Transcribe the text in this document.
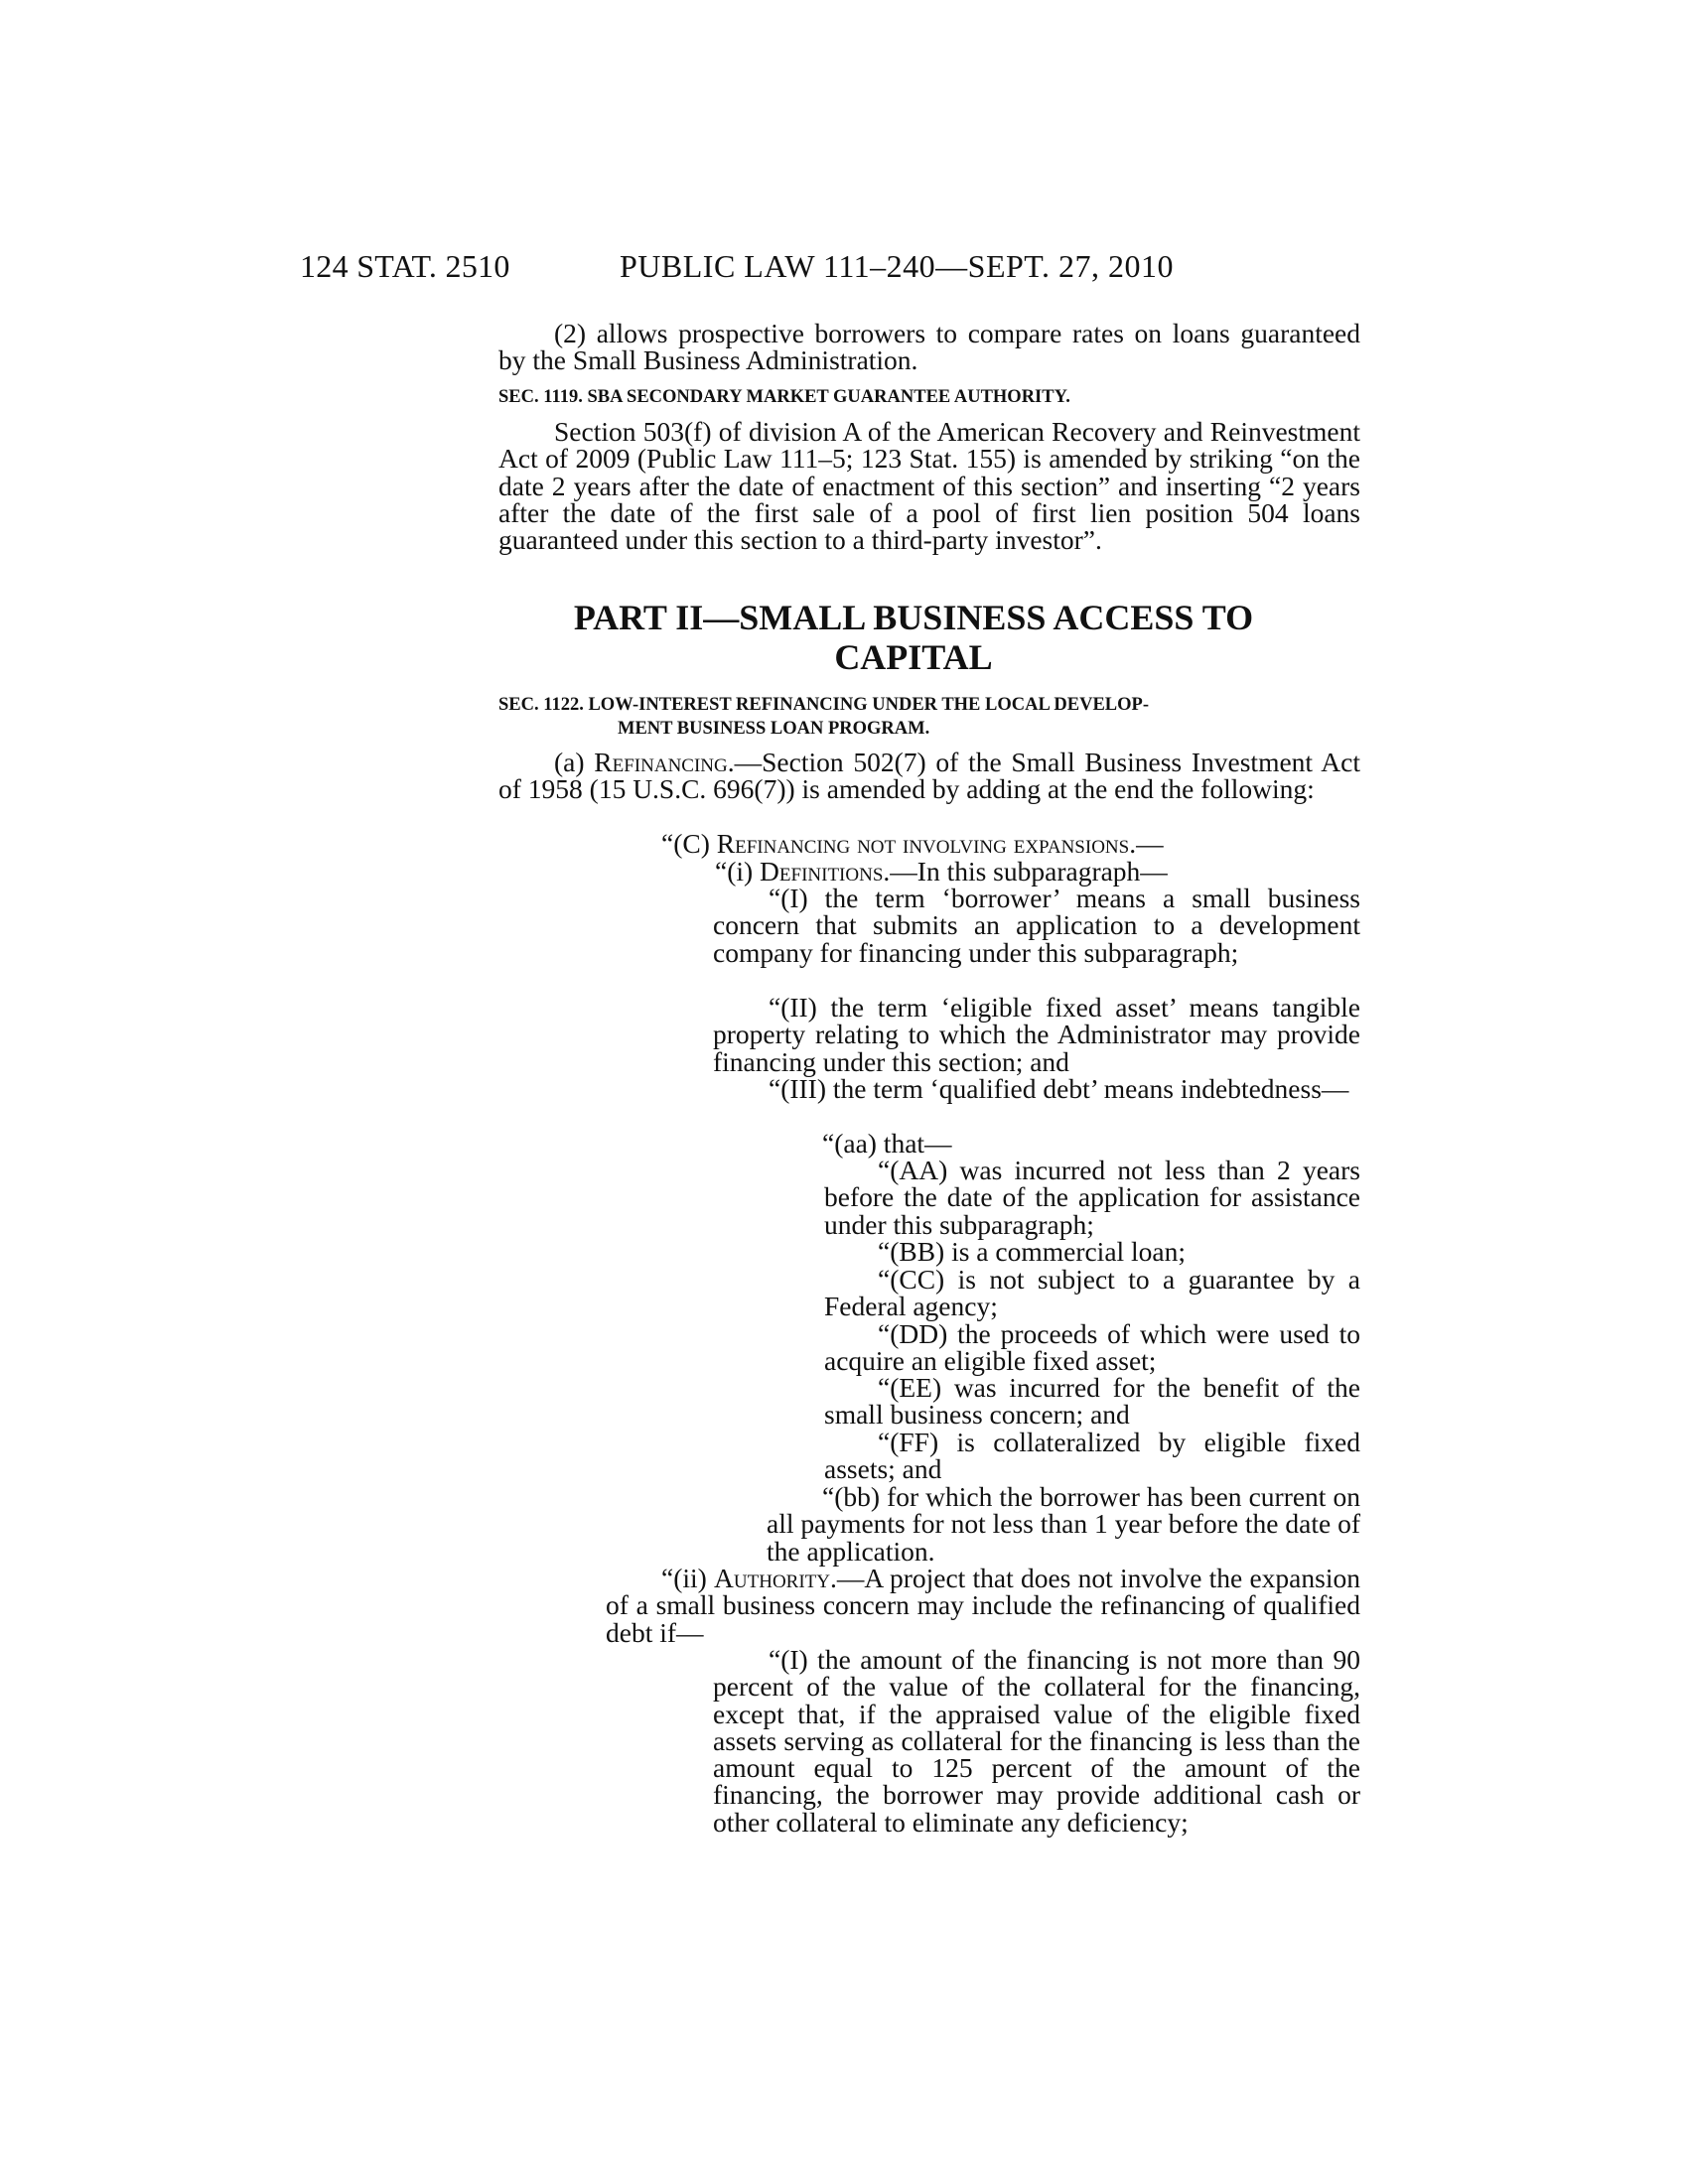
124 STAT. 2510	PUBLIC LAW 111–240—SEPT. 27, 2010
(2) allows prospective borrowers to compare rates on loans guaranteed by the Small Business Administration.
SEC. 1119. SBA SECONDARY MARKET GUARANTEE AUTHORITY.
Section 503(f) of division A of the American Recovery and Reinvestment Act of 2009 (Public Law 111–5; 123 Stat. 155) is amended by striking “on the date 2 years after the date of enactment of this section” and inserting “2 years after the date of the first sale of a pool of first lien position 504 loans guaranteed under this section to a third-party investor”.
PART II—SMALL BUSINESS ACCESS TO
CAPITAL
SEC. 1122. LOW-INTEREST REFINANCING UNDER THE LOCAL DEVELOP-
MENT BUSINESS LOAN PROGRAM.
(a) Refinancing.—Section 502(7) of the Small Business Investment Act of 1958 (15 U.S.C. 696(7)) is amended by adding at the end the following:
“(C) Refinancing not involving expansions.—
“(i) Definitions.—In this subparagraph—
“(I) the term ‘borrower’ means a small business concern that submits an application to a development company for financing under this subparagraph;
“(II) the term ‘eligible fixed asset’ means tangible property relating to which the Administrator may provide financing under this section; and
“(III) the term ‘qualified debt’ means indebtedness—
“(aa) that—
“(AA) was incurred not less than 2 years before the date of the application for assistance under this subparagraph;
“(BB) is a commercial loan;
“(CC) is not subject to a guarantee by a Federal agency;
“(DD) the proceeds of which were used to acquire an eligible fixed asset;
“(EE) was incurred for the benefit of the small business concern; and
“(FF) is collateralized by eligible fixed assets; and
“(bb) for which the borrower has been current on all payments for not less than 1 year before the date of the application.
“(ii) Authority.—A project that does not involve the expansion of a small business concern may include the refinancing of qualified debt if—
“(I) the amount of the financing is not more than 90 percent of the value of the collateral for the financing, except that, if the appraised value of the eligible fixed assets serving as collateral for the financing is less than the amount equal to 125 percent of the amount of the financing, the borrower may provide additional cash or other collateral to eliminate any deficiency;
